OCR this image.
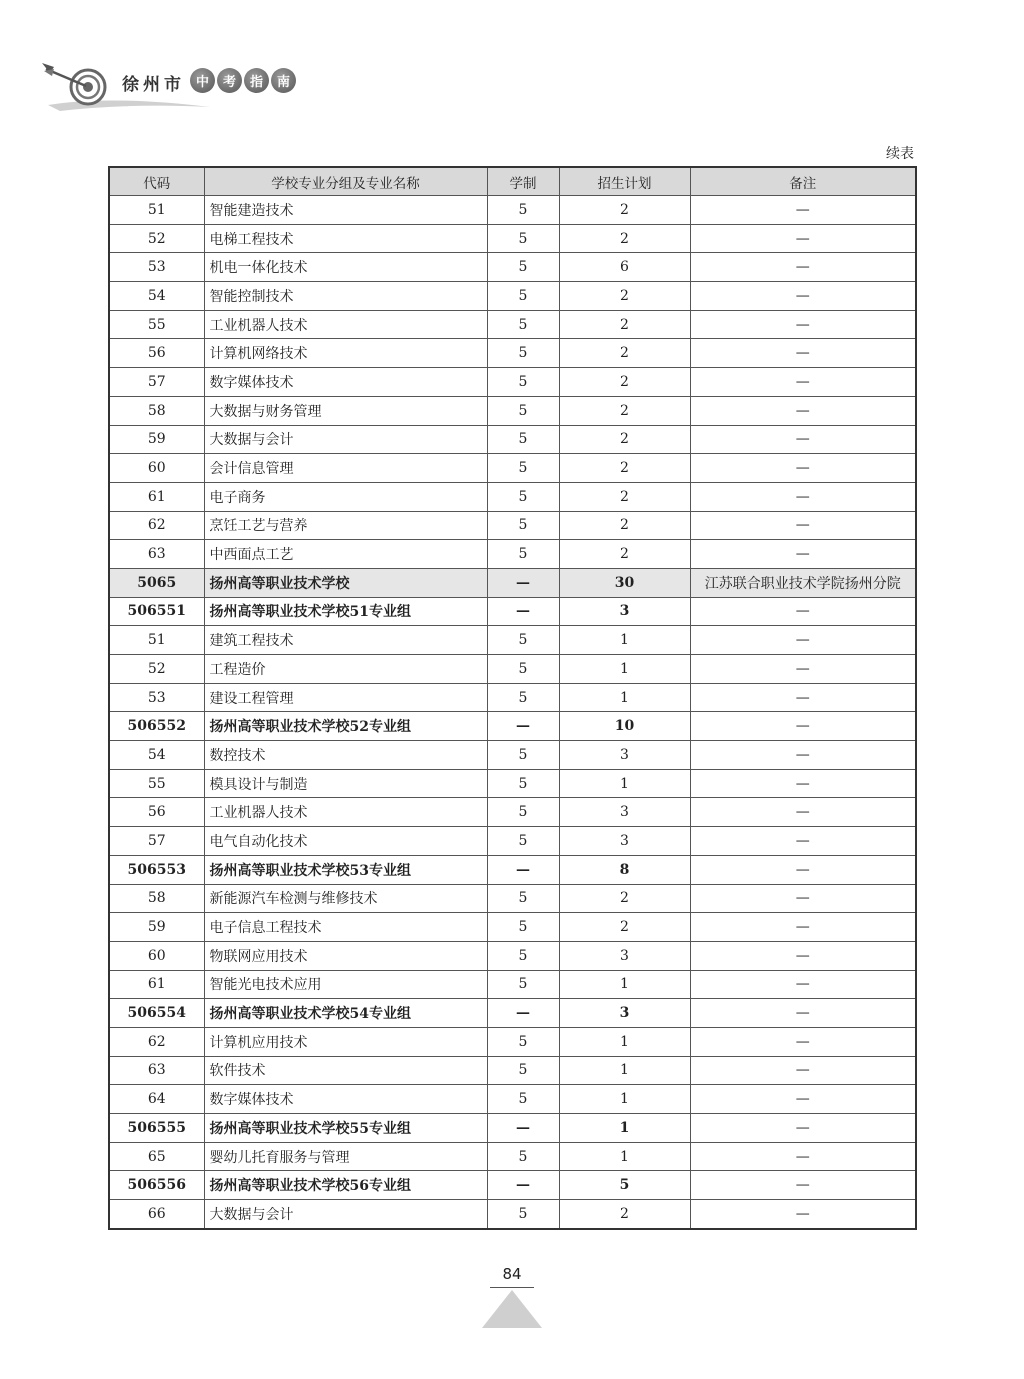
徐州市 中	考	指	南
续表
代码	学校专业分组及专业名称	学制	招生计划	备注
51	智能建造技术	5	2	—
52	电梯工程技术	5	2	—
53	机电一体化技术	5	6	—
54	智能控制技术	5	2	—
55	工业机器人技术	5	2	—
56	计算机网络技术	5	2	—
57	数字媒体技术	5	2	—
58	大数据与财务管理	5	2	—
59	大数据与会计	5	2	—
60	会计信息管理	5	2	—
61	电子商务	5	2	—
62	烹饪工艺与营养	5	2	—
63	中西面点工艺	5	2	—
5065	扬州高等职业技术学校	—	30	江苏联合职业技术学院扬州分院
506551	扬州高等职业技术学校51专业组	—	3	—
51	建筑工程技术	5	1	—
52	工程造价	5	1	—
53	建设工程管理	5	1	—
506552	扬州高等职业技术学校52专业组	—	10	—
54	数控技术	5	3	—
55	模具设计与制造	5	1	—
56	工业机器人技术	5	3	—
57	电气自动化技术	5	3	—
506553	扬州高等职业技术学校53专业组	—	8	—
58	新能源汽车检测与维修技术	5	2	—
59	电子信息工程技术	5	2	—
60	物联网应用技术	5	3	—
61	智能光电技术应用	5	1	—
506554	扬州高等职业技术学校54专业组	—	3	—
62	计算机应用技术	5	1	—
63	软件技术	5	1	—
64	数字媒体技术	5	1	—
506555	扬州高等职业技术学校55专业组	—	1	—
65	婴幼儿托育服务与管理	5	1	—
506556	扬州高等职业技术学校56专业组	—	5	—
66	大数据与会计	5	2	—
84
